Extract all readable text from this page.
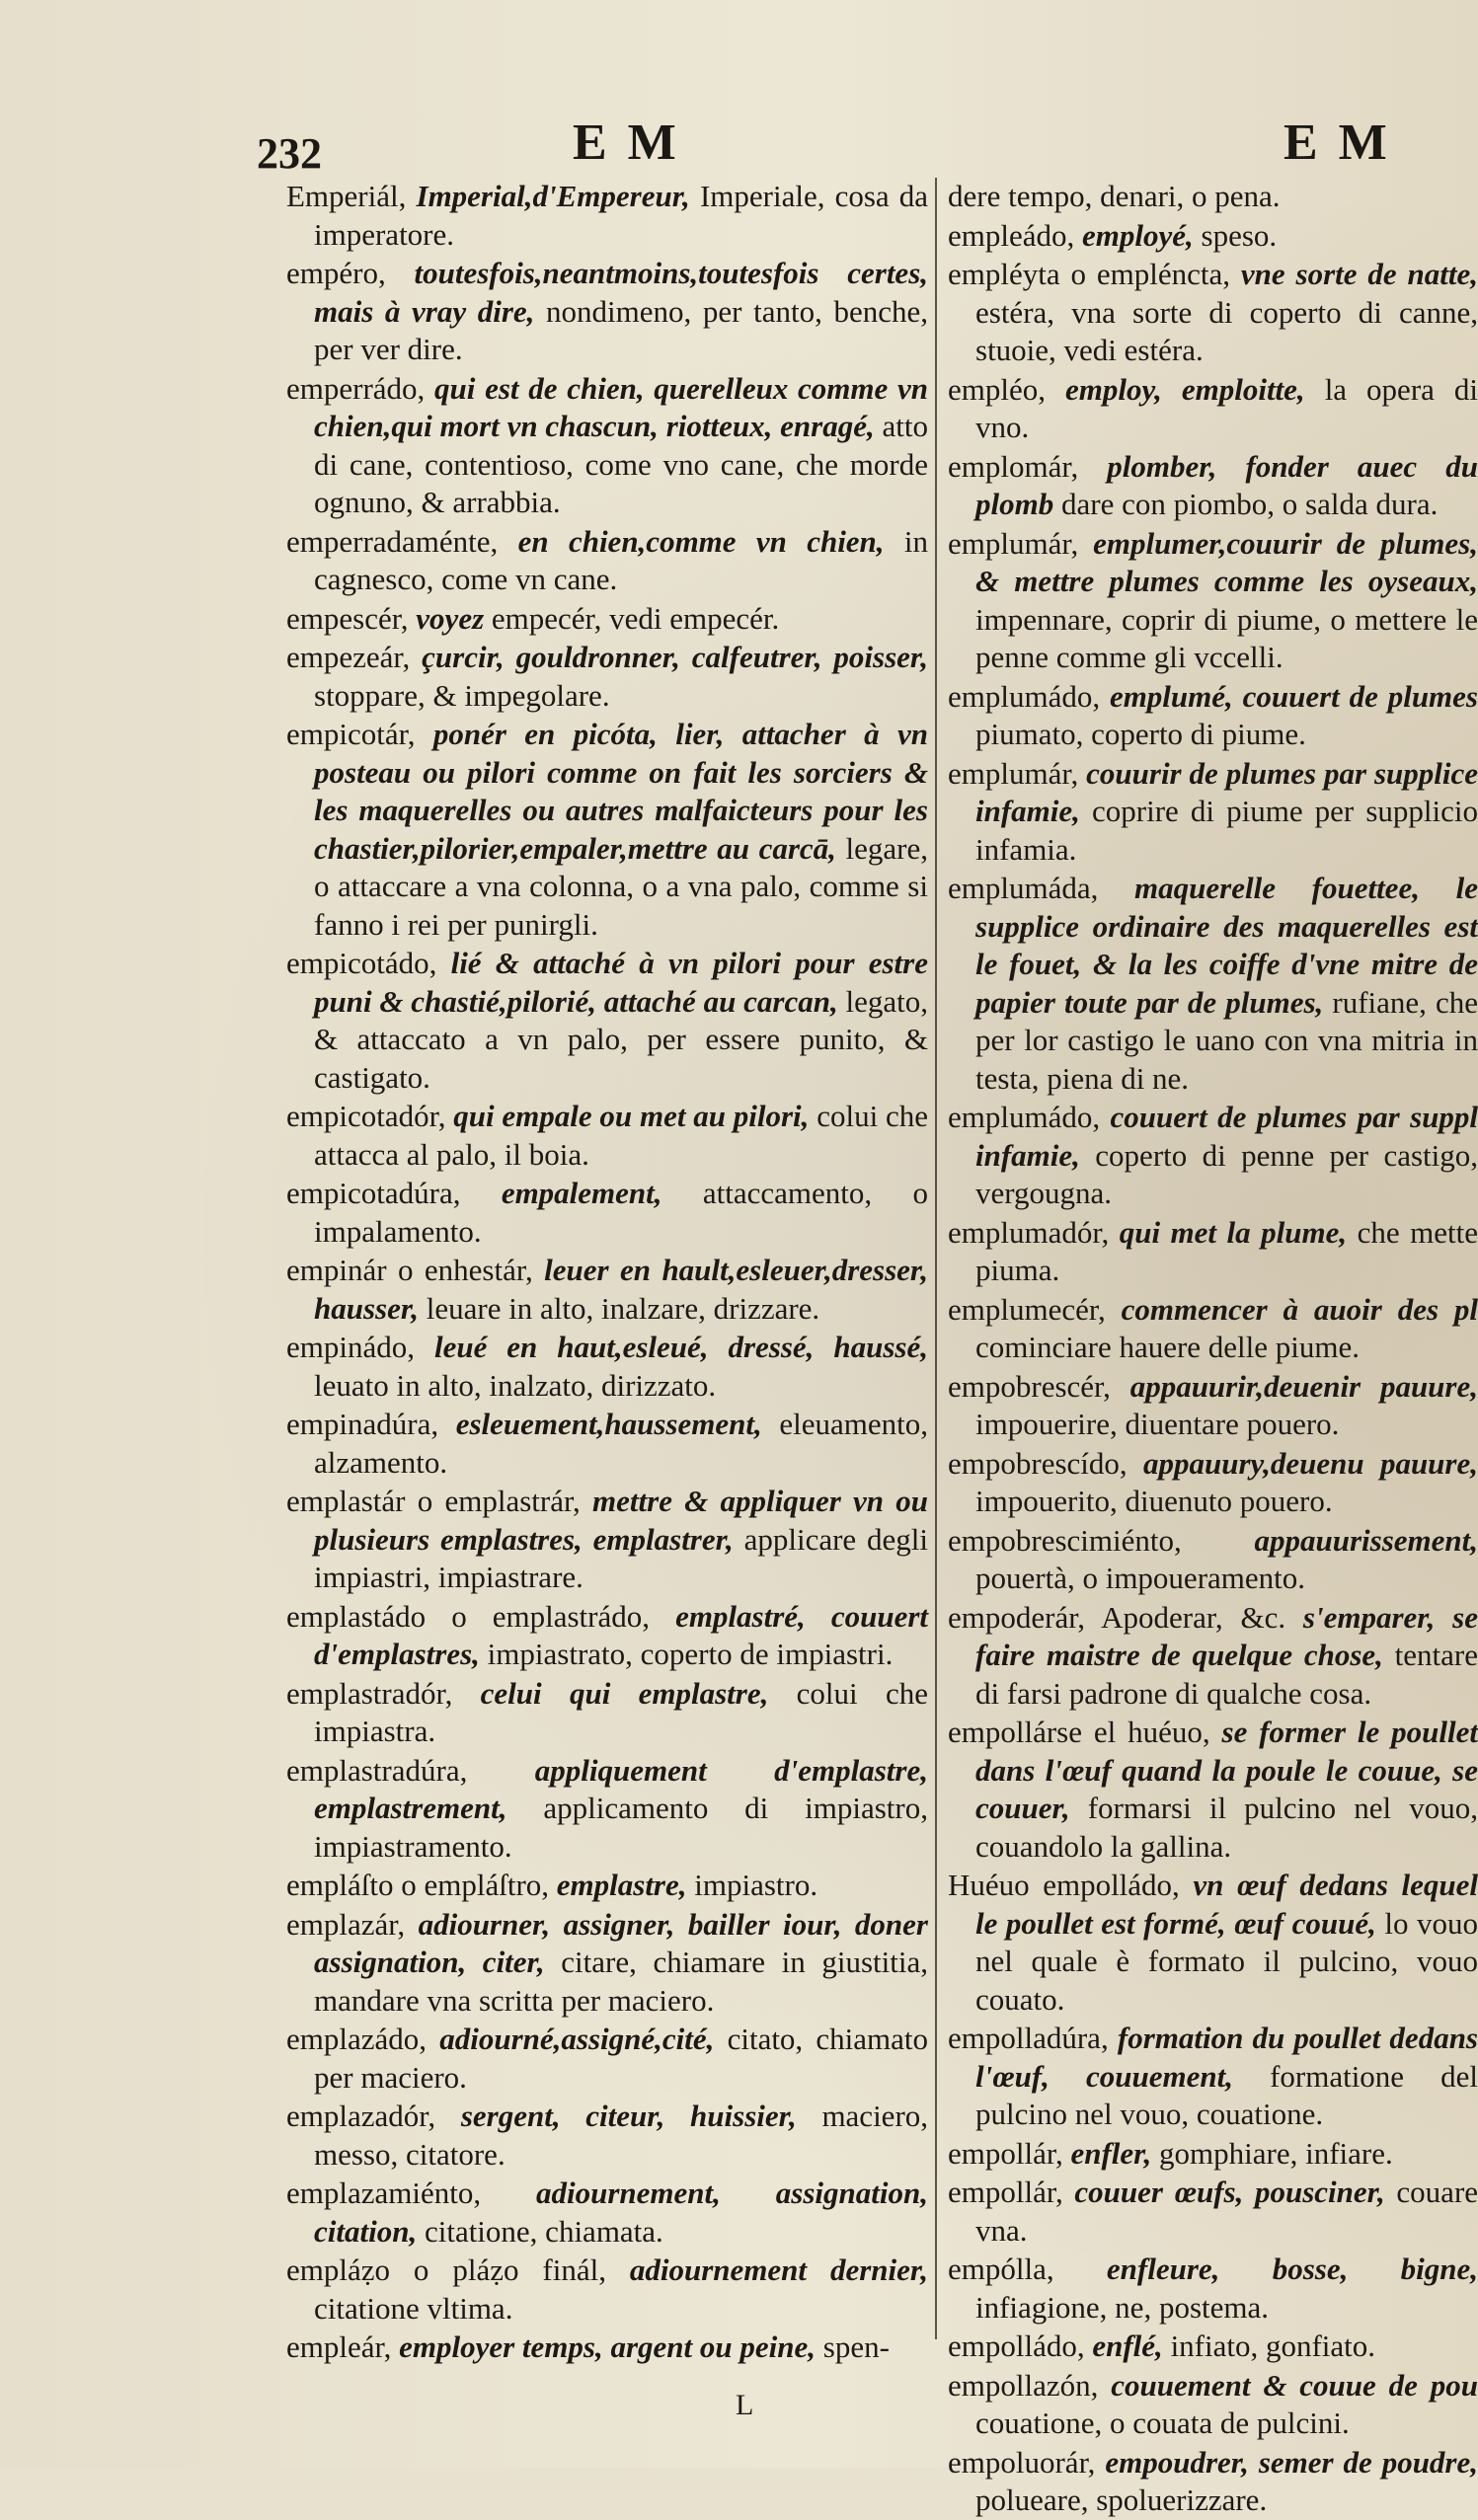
232	E M	E M

Emperiál, Imperial,d'Empereur, Imperiale, cosa da imperatore.

empéro, toutesfois,neantmoins,toutesfois certes, mais à vray dire, nondimeno, per tanto, benche, per ver dire.

emperrádo, qui est de chien, querelleux comme vn chien,qui mort vn chascun, riotteux, enragé, atto di cane, contentioso, come vno cane, che morde ognuno, & arrabbia.

emperradaménte, en chien,comme vn chien, in cagnesco, come vn cane.

empescér, voyez empecér, vedi empecér.

empezeár, çurcir, gouldronner, calfeutrer, poisser, stoppare, & impegolare.

empicotár, ponér en picóta, lier, attacher à vn posteau ou pilori comme on fait les sorciers & les maquerelles ou autres malfaicteurs pour les chastier,pilorier,empaler,mettre au carcā, legare, o attaccare a vna colonna, o a vna palo, comme si fanno i rei per punirgli.

empicotádo, lié & attaché à vn pilori pour estre puni & chastié,pilorié, attaché au carcan, legato, & attaccato a vn palo, per essere punito, & castigato.

empicotadór, qui empale ou met au pilori, colui che attacca al palo, il boia.

empicotadúra, empalement, attaccamento, o impalamento.

empinár o enhestár, leuer en hault,esleuer,dresser, hausser, leuare in alto, inalzare, drizzare.

empinádo, leué en haut,esleué, dressé, haussé, leuato in alto, inalzato, dirizzato.

empinadúra, esleuement,haussement, eleuamento, alzamento.

emplastár o emplastrár, mettre & appliquer vn ou plusieurs emplastres, emplastrer, applicare degli impiastri, impiastrare.

emplastádo o emplastrádo, emplastré, couuert d'emplastres, impiastrato, coperto de impiastri.

emplastradór, celui qui emplastre, colui che impiastra.

emplastradúra, appliquement d'emplastre, emplastrement, applicamento di impiastro, impiastramento.

empláſto o empláſtro, emplastre, impiastro.

emplazár, adiourner, assigner, bailler iour, doner assignation, citer, citare, chiamare in giustitia, mandare vna scritta per maciero.

emplazádo, adiourné,assigné,cité, citato, chiamato per maciero.

emplazadór, sergent, citeur, huissier, maciero, messo, citatore.

emplazamiénto, adiournement, assignation, citation, citatione, chiamata.

empláẓo o pláẓo finál, adiournement dernier, citatione vltima.

empleár, employer temps, argent ou peine, spen-

dere tempo, denari, o pena.

empleádo, employé, speso.

empléyta o empléncta, vne sorte de natte, estéra, vna sorte di coperto di canne, stuoie, vedi estéra.

empléo, employ, emploitte, la opera di vno.

emplomár, plomber, fonder auec du plomb dare con piombo, o salda dura.

emplumár, emplumer,couurir de plumes, & mettre plumes comme les oyseaux, impennare, coprir di piume, o mettere le penne comme gli vccelli.

emplumádo, emplumé, couuert de plumes piumato, coperto di piume.

emplumár, couurir de plumes par supplice infamie, coprire di piume per supplicio infamia.

emplumáda, maquerelle fouettee, le supplice ordinaire des maquerelles est le fouet, & la les coiffe d'vne mitre de papier toute par de plumes, rufiane, che per lor castigo le uano con vna mitria in testa, piena di ne.

emplumádo, couuert de plumes par suppl infamie, coperto di penne per castigo, vergougna.

emplumadór, qui met la plume, che mette piuma.

emplumecér, commencer à auoir des pl cominciare hauere delle piume.

empobrescér, appauurir,deuenir pauure, impouerire, diuentare pouero.

empobrescído, appauury,deuenu pauure, impouerito, diuenuto pouero.

empobrescimiénto, appauurissement, pouertà, o impoueramento.

empoderár, Apoderar, &c. s'emparer, se faire maistre de quelque chose, tentare di farsi padrone di qualche cosa.

empollárse el huéuo, se former le poullet dans l'œuf quand la poule le couue, se couuer, formarsi il pulcino nel vouo, couandolo la gallina.

Huéuo empolládo, vn œuf dedans lequel le poullet est formé, œuf couué, lo vouo nel quale è formato il pulcino, vouo couato.

empolladúra, formation du poullet dedans l'œuf, couuement, formatione del pulcino nel vouo, couatione.

empollár, enfler, gomphiare, infiare.

empollár, couuer œufs, pousciner, couare vna.

empólla, enfleure, bosse, bigne, infiagione, ne, postema.

empolládo, enflé, infiato, gonfiato.

empollazón, couuement & couue de pou couatione, o couata de pulcini.

empoluorár, empoudrer, semer de poudre, polueare, spoluerizzare.

L
